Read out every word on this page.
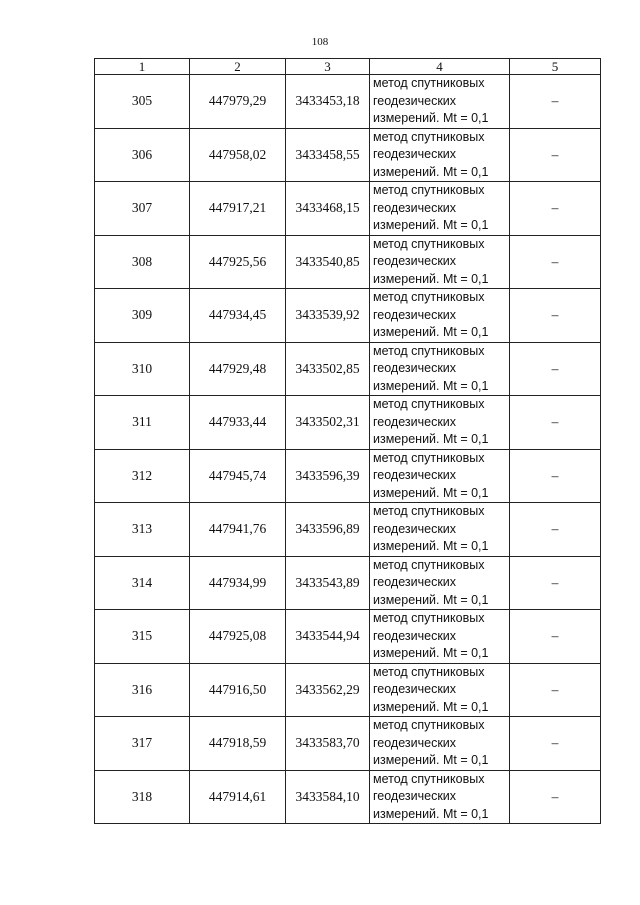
108
1	2	3	4	5
305	447979,29	3433453,18	метод спутниковых
геодезических
измерений. Mt = 0,1	–
306	447958,02	3433458,55	метод спутниковых
геодезических
измерений. Mt = 0,1	–
307	447917,21	3433468,15	метод спутниковых
геодезических
измерений. Mt = 0,1	–
308	447925,56	3433540,85	метод спутниковых
геодезических
измерений. Mt = 0,1	–
309	447934,45	3433539,92	метод спутниковых
геодезических
измерений. Mt = 0,1	–
310	447929,48	3433502,85	метод спутниковых
геодезических
измерений. Mt = 0,1	–
311	447933,44	3433502,31	метод спутниковых
геодезических
измерений. Mt = 0,1	–
312	447945,74	3433596,39	метод спутниковых
геодезических
измерений. Mt = 0,1	–
313	447941,76	3433596,89	метод спутниковых
геодезических
измерений. Mt = 0,1	–
314	447934,99	3433543,89	метод спутниковых
геодезических
измерений. Mt = 0,1	–
315	447925,08	3433544,94	метод спутниковых
геодезических
измерений. Mt = 0,1	–
316	447916,50	3433562,29	метод спутниковых
геодезических
измерений. Mt = 0,1	–
317	447918,59	3433583,70	метод спутниковых
геодезических
измерений. Mt = 0,1	–
318	447914,61	3433584,10	метод спутниковых
геодезических
измерений. Mt = 0,1	–
